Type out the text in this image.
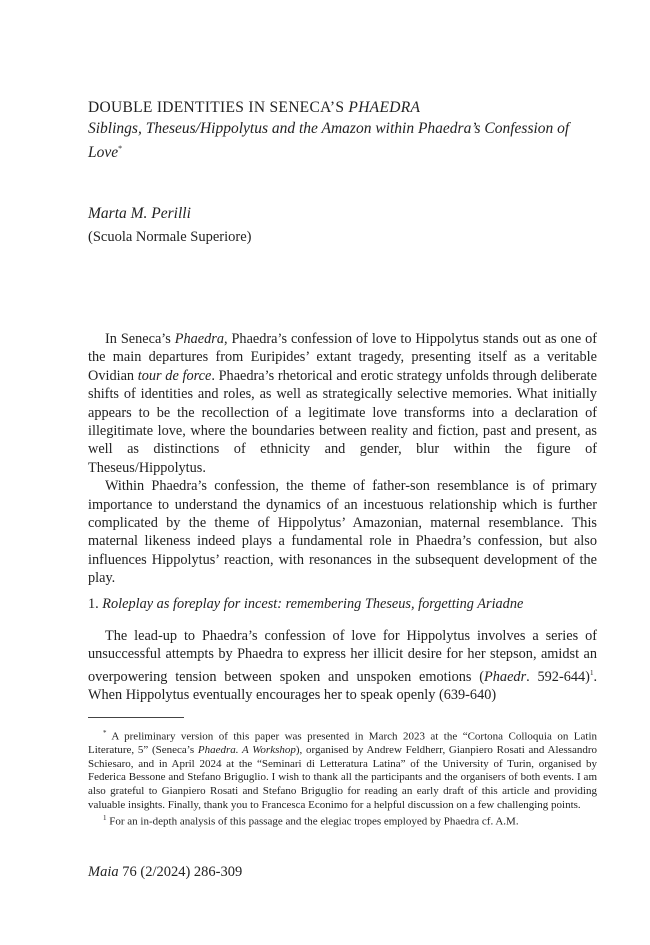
DOUBLE IDENTITIES IN SENECA’S PHAEDRA
Siblings, Theseus/Hippolytus and the Amazon within Phaedra’s Confession of Love*
Marta M. Perilli
(Scuola Normale Superiore)

In Seneca’s Phaedra, Phaedra’s confession of love to Hippolytus stands out as one of the main departures from Euripides’ extant tragedy, presenting itself as a veritable Ovidian tour de force. Phaedra’s rhetorical and erotic strategy unfolds through deliberate shifts of identities and roles, as well as strategically selective memories. What initially appears to be the recollection of a legitimate love transforms into a declaration of illegitimate love, where the boundaries between reality and fiction, past and present, as well as distinctions of ethnicity and gender, blur within the figure of Theseus/Hippolytus.

Within Phaedra’s confession, the theme of father-son resemblance is of primary importance to understand the dynamics of an incestuous relationship which is further complicated by the theme of Hippolytus’ Amazonian, maternal resemblance. This maternal likeness indeed plays a fundamental role in Phaedra’s confession, but also influences Hippolytus’ reaction, with resonances in the subsequent development of the play.

1. Roleplay as foreplay for incest: remembering Theseus, forgetting Ariadne

The lead-up to Phaedra’s confession of love for Hippolytus involves a series of unsuccessful attempts by Phaedra to express her illicit desire for her stepson, amidst an overpowering tension between spoken and unspoken emotions (Phaedr. 592-644)$^1$. When Hippolytus eventually encourages her to speak openly (639-640)

* A preliminary version of this paper was presented in March 2023 at the “Cortona Colloquia on Latin Literature, 5” (Seneca’s Phaedra. A Workshop), organised by Andrew Feldherr, Gianpiero Rosati and Alessandro Schiesaro, and in April 2024 at the “Seminari di Letteratura Latina” of the University of Turin, organised by Federica Bessone and Stefano Briguglio. I wish to thank all the participants and the organisers of both events. I am also grateful to Gianpiero Rosati and Stefano Briguglio for reading an early draft of this article and providing valuable insights. Finally, thank you to Francesca Econimo for a helpful discussion on a few challenging points.

$^1$ For an in-depth analysis of this passage and the elegiac tropes employed by Phaedra cf. A.M.

Maia 76 (2/2024) 286-309
